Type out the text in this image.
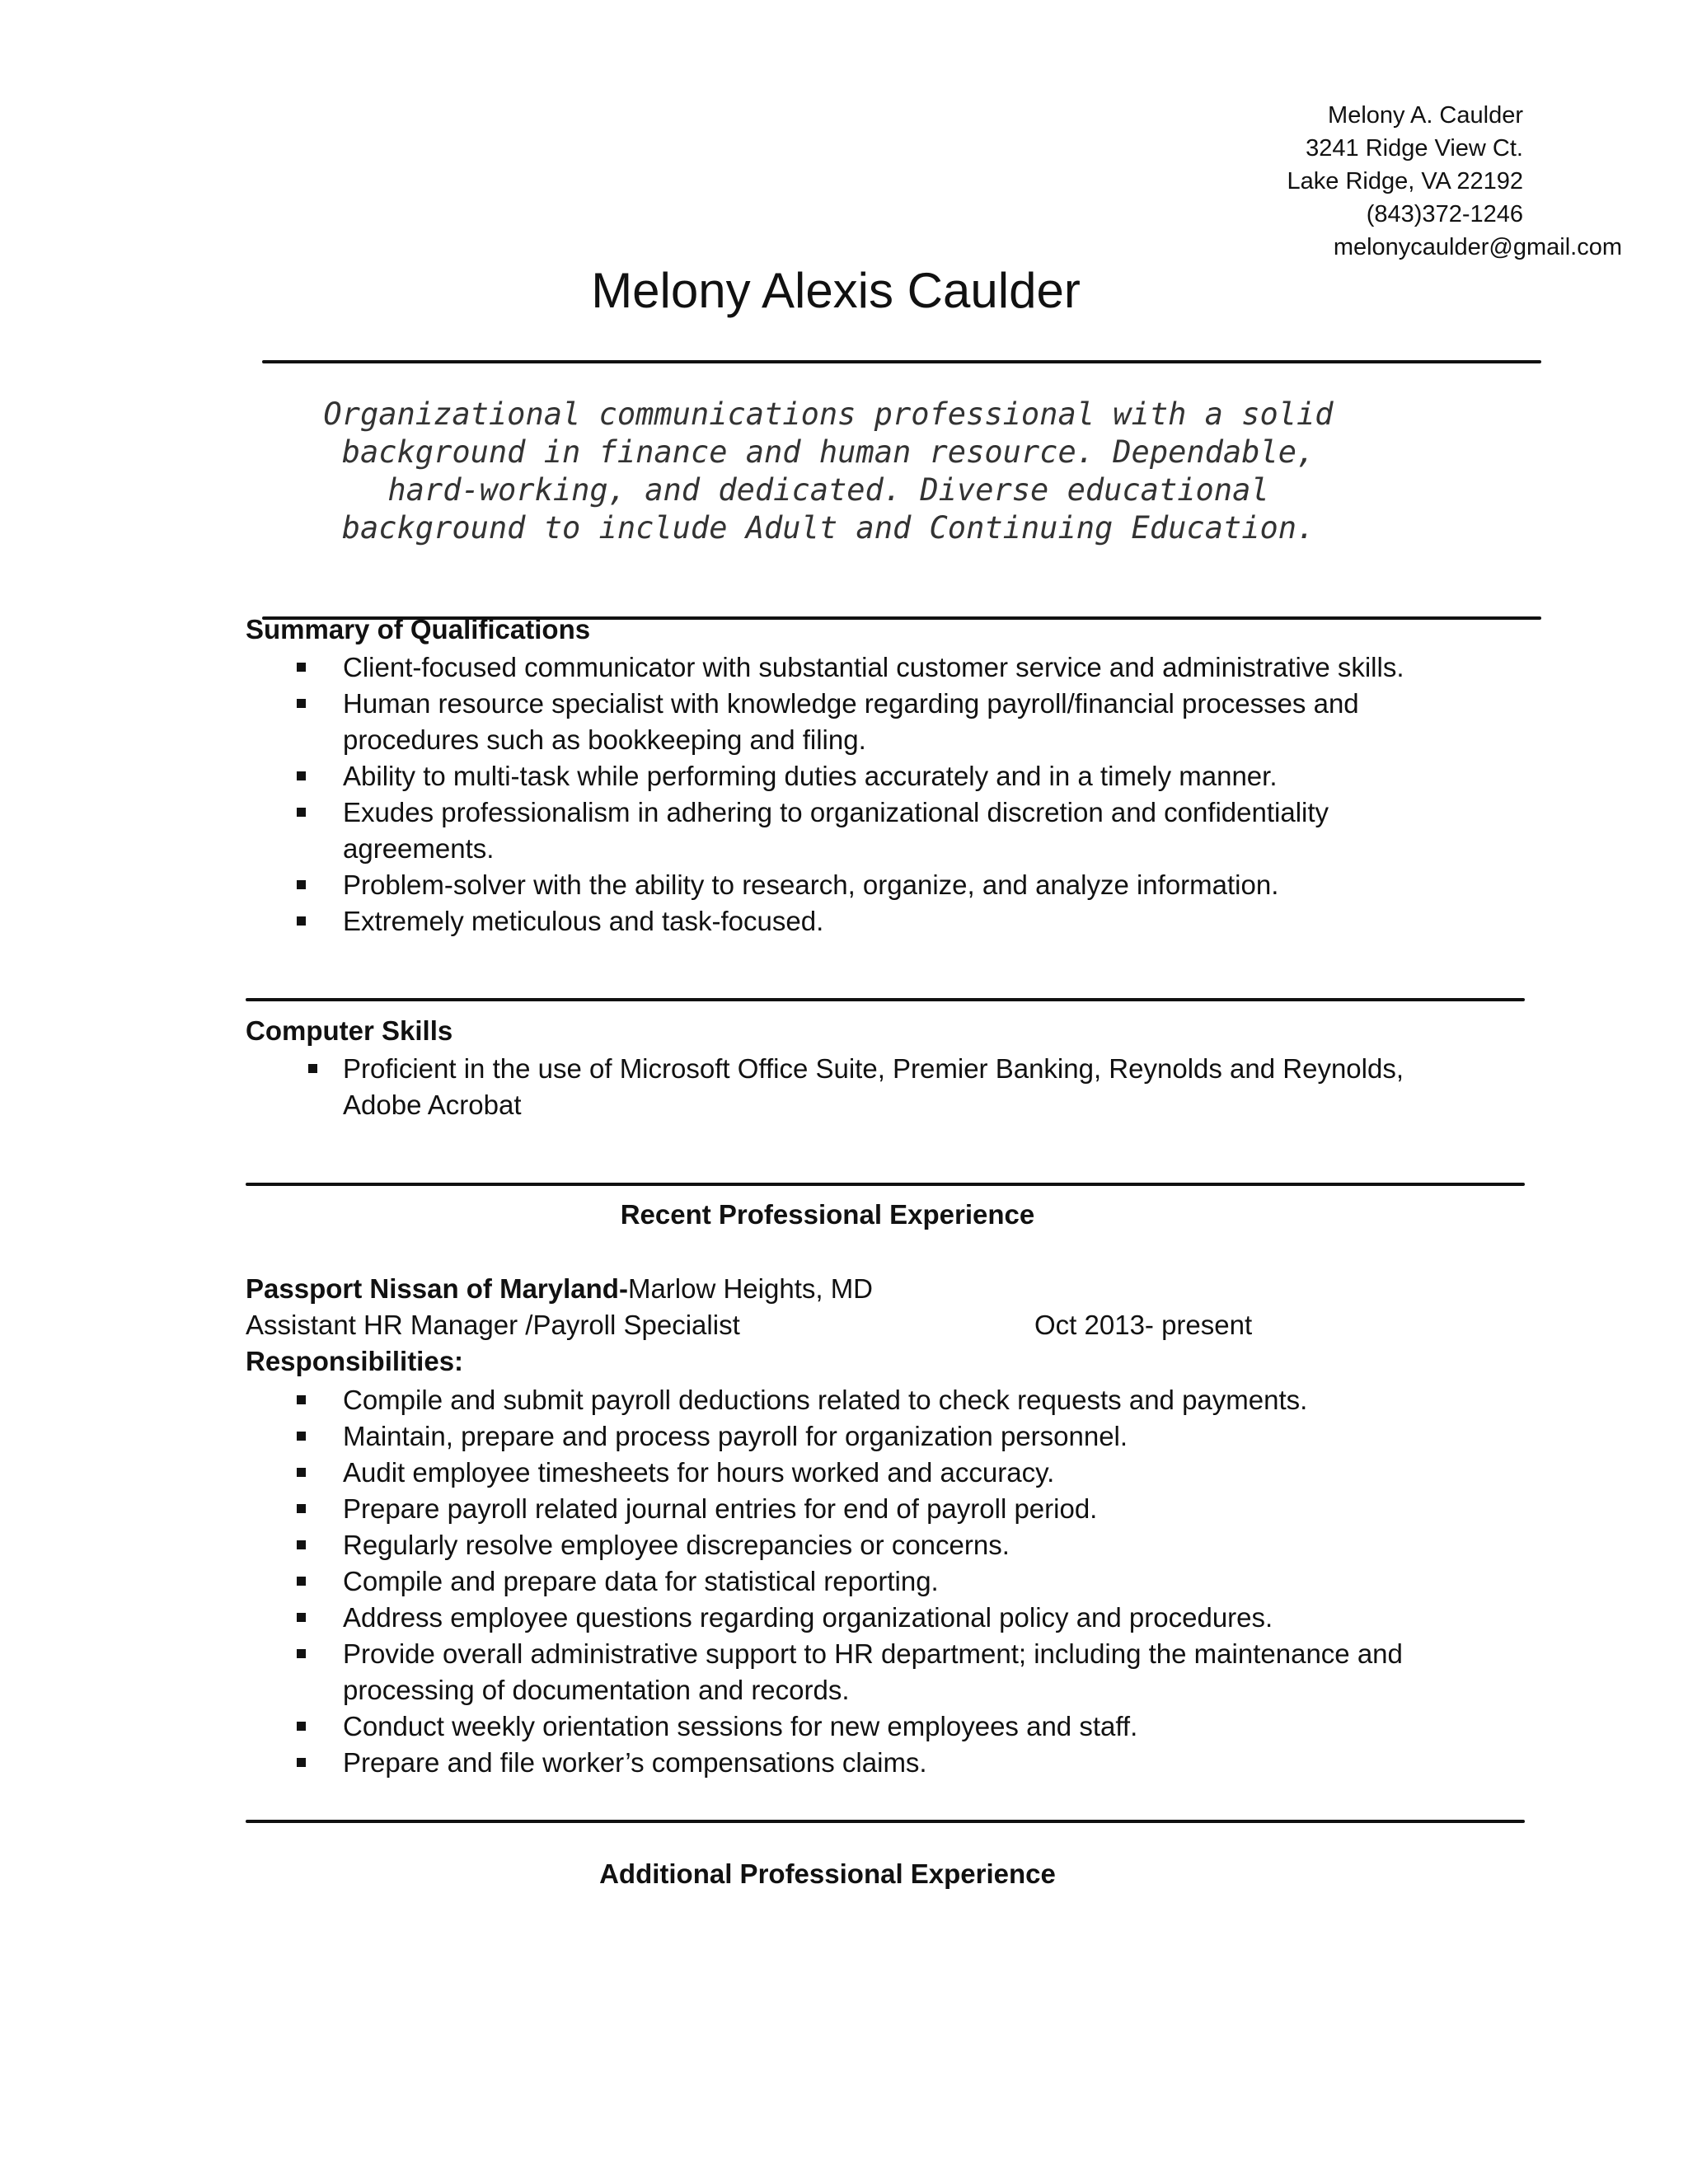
Melony A. Caulder
3241 Ridge View Ct.
Lake Ridge, VA 22192
(843)372-1246
melonycaulder@gmail.com
Melony Alexis Caulder
Organizational communications professional with a solid background in finance and human resource. Dependable, hard-working, and dedicated. Diverse educational background to include Adult and Continuing Education.
Summary of Qualifications
Client-focused communicator with substantial customer service and administrative skills.
Human resource specialist with knowledge regarding payroll/financial processes and procedures such as bookkeeping and filing.
Ability to multi-task while performing duties accurately and in a timely manner.
Exudes professionalism in adhering to organizational discretion and confidentiality agreements.
Problem-solver with the ability to research, organize, and analyze information.
Extremely meticulous and task-focused.
Computer Skills
Proficient in the use of Microsoft Office Suite, Premier Banking, Reynolds and Reynolds, Adobe Acrobat
Recent Professional Experience
Passport Nissan of Maryland-Marlow Heights, MD
Assistant HR Manager /Payroll Specialist	Oct 2013- present
Responsibilities:
Compile and submit payroll deductions related to check requests and payments.
Maintain, prepare and process payroll for organization personnel.
Audit employee timesheets for hours worked and accuracy.
Prepare payroll related journal entries for end of payroll period.
Regularly resolve employee discrepancies or concerns.
Compile and prepare data for statistical reporting.
Address employee questions regarding organizational policy and procedures.
Provide overall administrative support to HR department; including the maintenance and processing of documentation and records.
Conduct weekly orientation sessions for new employees and staff.
Prepare and file worker’s compensations claims.
Additional Professional Experience
